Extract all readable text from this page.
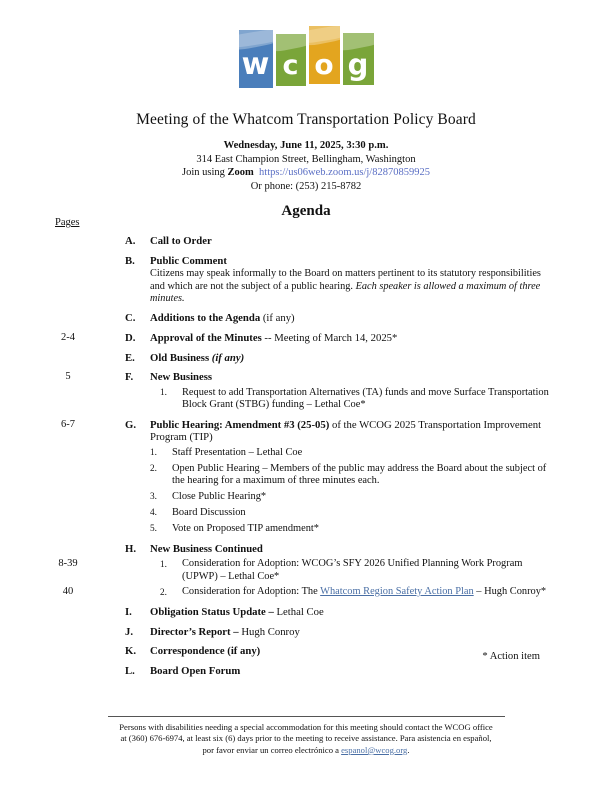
w c o g
Meeting of the Whatcom Transportation Policy Board
Wednesday, June 11, 2025, 3:30 p.m.
314 East Champion Street, Bellingham, Washington
Join using Zoom https://us06web.zoom.us/j/82870859925
Or phone: (253) 215-8782
Agenda
Pages
A.	Call to Order
B.	Public Comment
Citizens may speak informally to the Board on matters pertinent to its statutory responsibilities and which are not the subject of a public hearing. Each speaker is allowed a maximum of three minutes.
C.	Additions to the Agenda (if any)
2-4	D.	Approval of the Minutes -- Meeting of March 14, 2025*
E.	Old Business (if any)
5	F.	New Business
1.	Request to add Transportation Alternatives (TA) funds and move Surface Transportation Block Grant (STBG) funding – Lethal Coe*
6-7	G.	Public Hearing: Amendment #3 (25-05) of the WCOG 2025 Transportation Improvement Program (TIP)
1.	Staff Presentation – Lethal Coe
2.	Open Public Hearing – Members of the public may address the Board about the subject of the hearing for a maximum of three minutes each.
3.	Close Public Hearing*
4.	Board Discussion
5.	Vote on Proposed TIP amendment*
H.	New Business Continued
8-39	1.	Consideration for Adoption: WCOG’s SFY 2026 Unified Planning Work Program (UPWP) – Lethal Coe*
40	2.	Consideration for Adoption: The Whatcom Region Safety Action Plan – Hugh Conroy*
I.	Obligation Status Update – Lethal Coe
J.	Director’s Report – Hugh Conroy
K.	Correspondence (if any)
L.	Board Open Forum
* Action item
Persons with disabilities needing a special accommodation for this meeting should contact the WCOG office
at (360) 676-6974, at least six (6) days prior to the meeting to receive assistance. Para asistencia en español,
por favor enviar un correo electrónico a espanol@wcog.org.
